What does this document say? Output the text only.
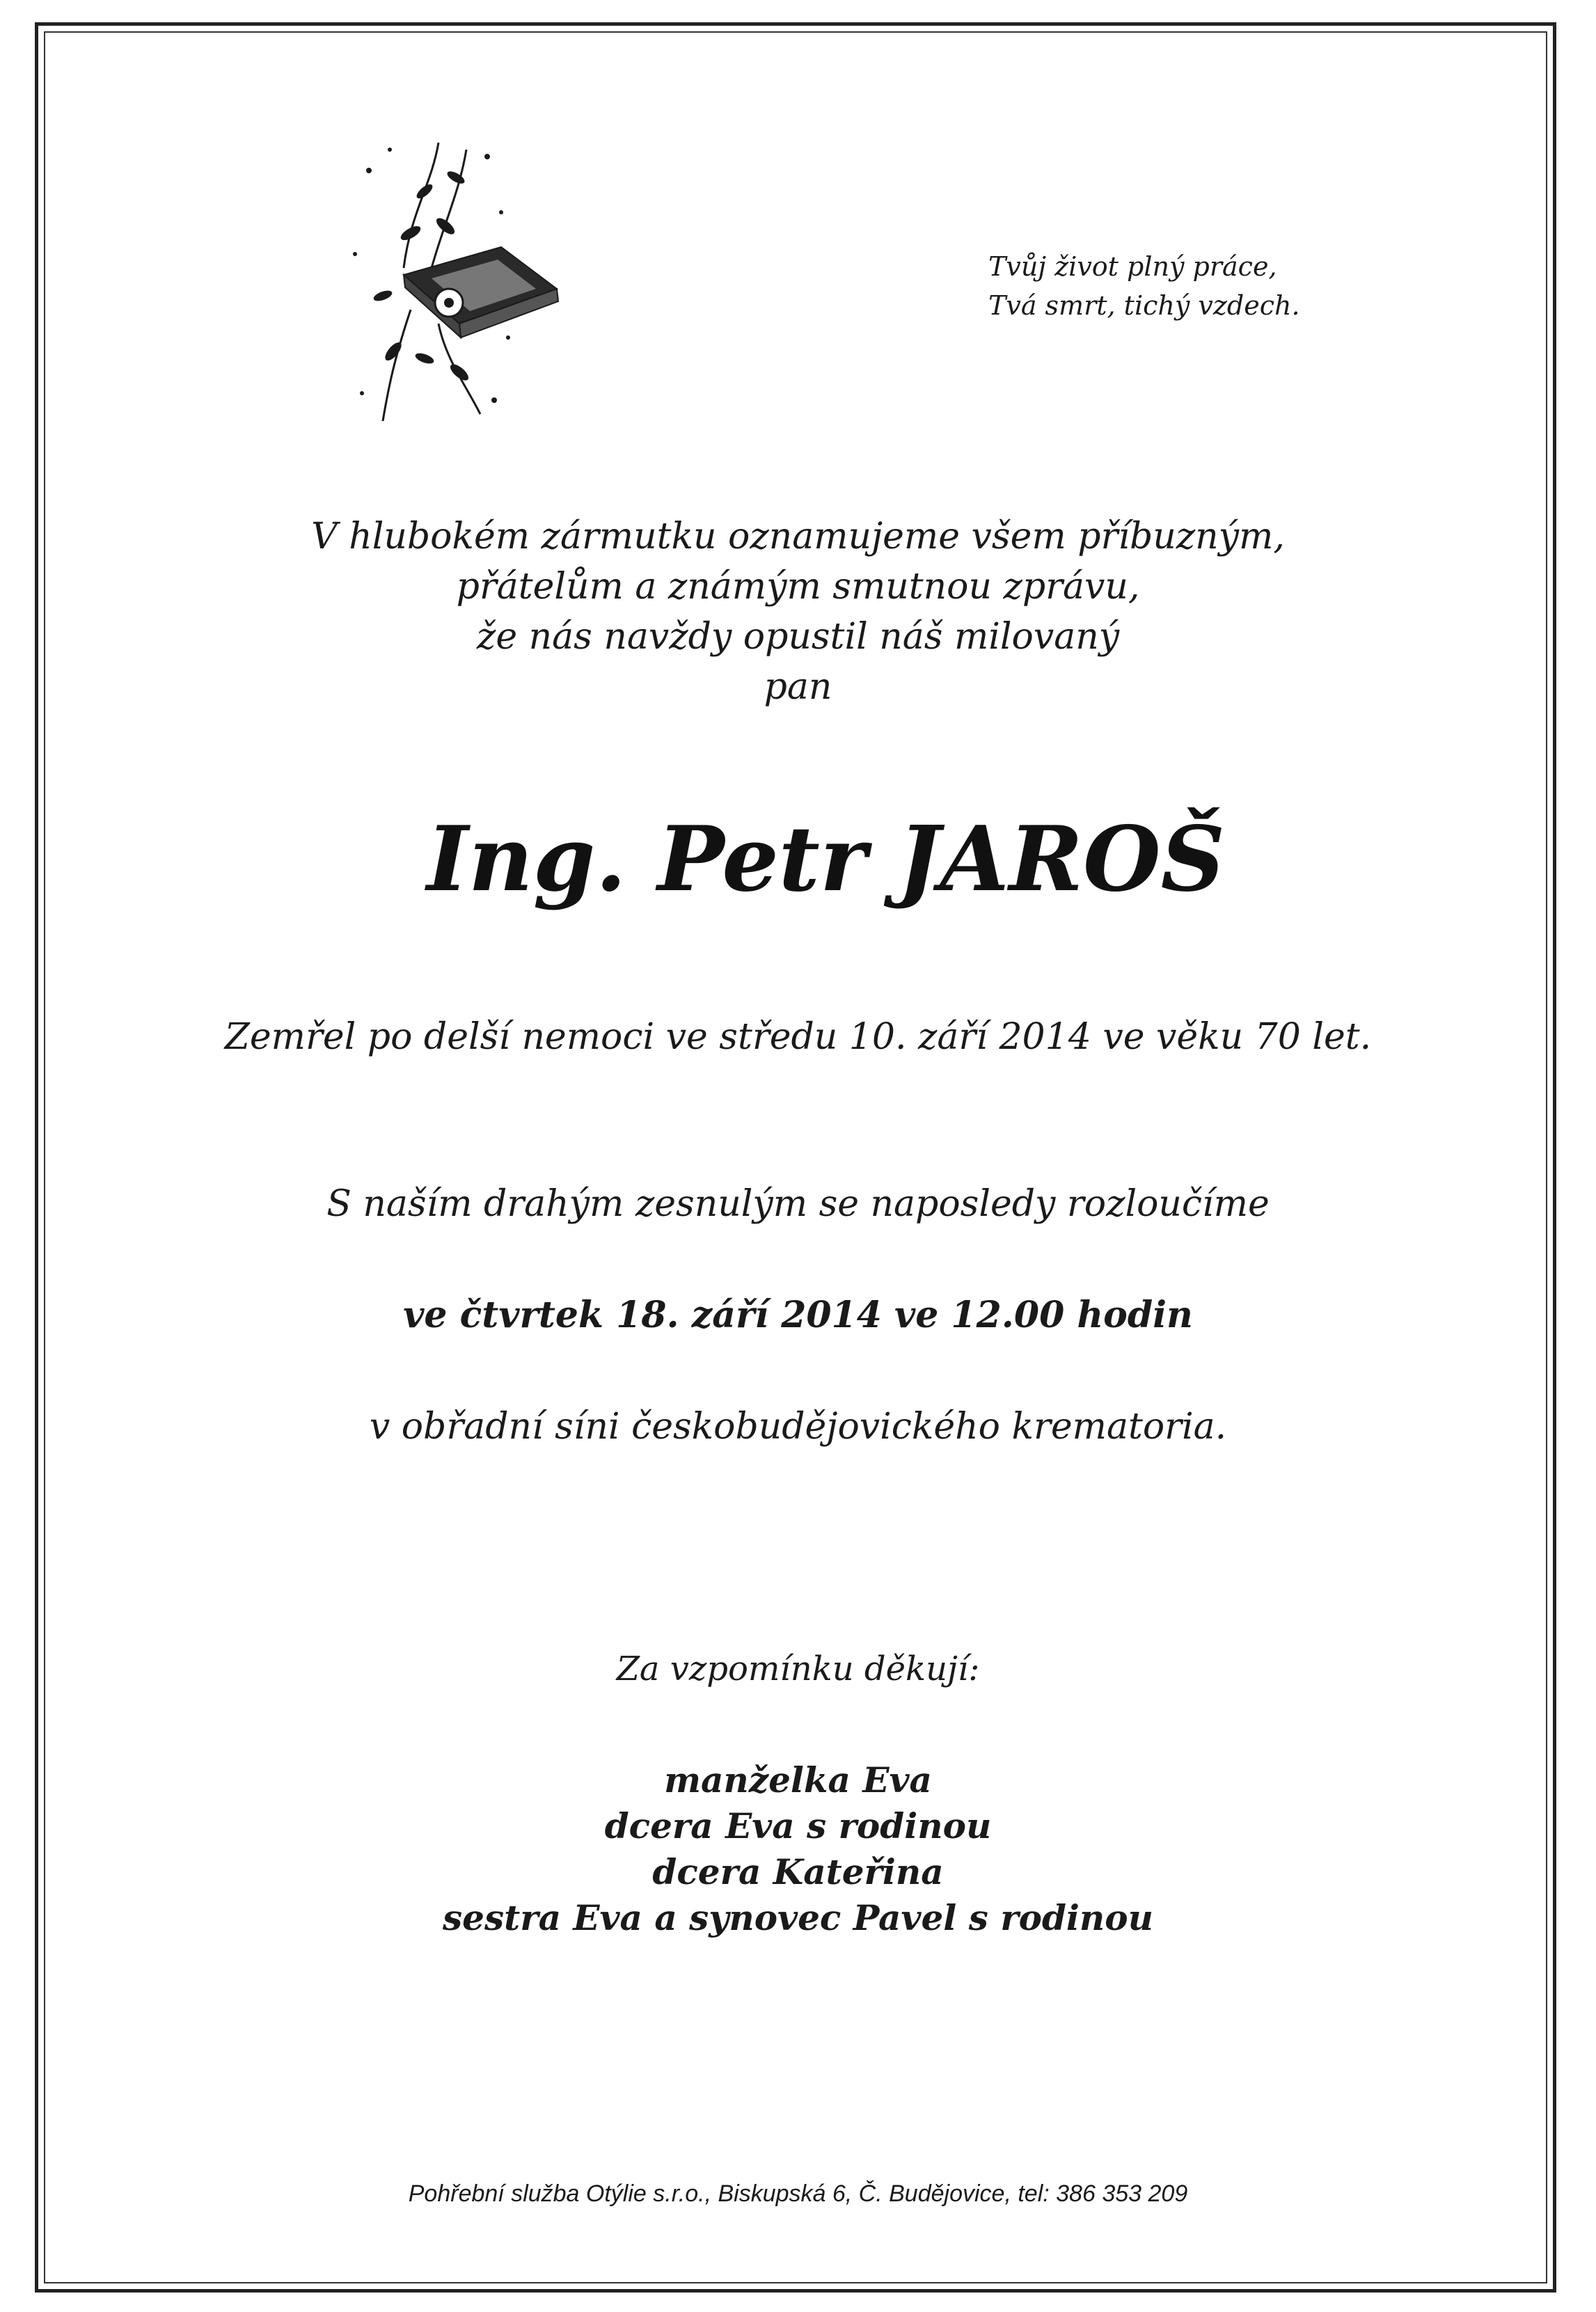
Tvůj život plný práce,
Tvá smrt, tichý vzdech.
V hlubokém zármutku oznamujeme všem příbuzným,
přátelům a známým smutnou zprávu,
že nás navždy opustil náš milovaný
pan
Ing. Petr JAROŠ
Zemřel po delší nemoci ve středu 10. září 2014 ve věku 70 let.
S naším drahým zesnulým se naposledy rozloučíme
ve čtvrtek 18. září 2014 ve 12.00 hodin
v obřadní síni českobudějovického krematoria.
Za vzpomínku děkují:
manželka Eva
dcera Eva s rodinou
dcera Kateřina
sestra Eva a synovec Pavel s rodinou
Pohřební služba Otýlie s.r.o., Biskupská 6, Č. Budějovice, tel: 386 353 209
